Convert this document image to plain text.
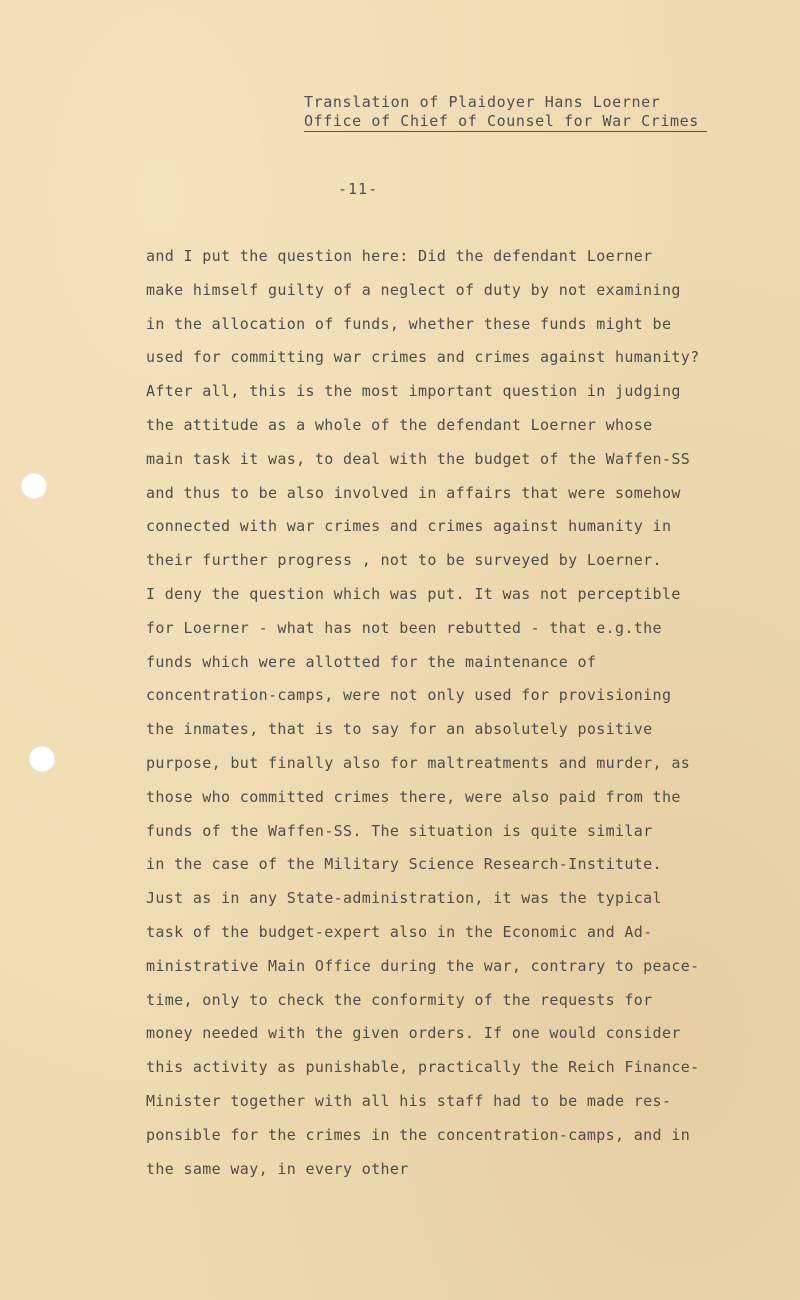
Translation of Plaidoyer Hans Loerner
Office of Chief of Counsel for War Crimes
-11-
and I put the question here: Did the defendant Loerner
make himself guilty of a neglect of duty by not examining
in the allocation of funds, whether these funds might be
used for committing war crimes and crimes against humanity?
After all, this is the most important question in judging
the attitude as a whole of the defendant Loerner whose
main task it was, to deal with the budget of the Waffen-SS
and thus to be also involved in affairs that were somehow
connected with war crimes and crimes against humanity in
their further progress , not to be surveyed by Loerner.
I deny the question which was put. It was not perceptible
for Loerner - what has not been rebutted - that e.g.the
funds which were allotted for the maintenance of
concentration-camps, were not only used for provisioning
the inmates, that is to say for an absolutely positive
purpose, but finally also for maltreatments and murder, as
those who committed crimes there, were also paid from the
funds of the Waffen-SS. The situation is quite similar
in the case of the Military Science Research-Institute.
Just as in any State-administration, it was the typical
task of the budget-expert also in the Economic and Ad-
ministrative Main Office during the war, contrary to peace-
time, only to check the conformity of the requests for
money needed with the given orders. If one would consider
this activity as punishable, practically the Reich Finance-
Minister together with all his staff had to be made res-
ponsible for the crimes in the concentration-camps, and in
the same way, in every other
